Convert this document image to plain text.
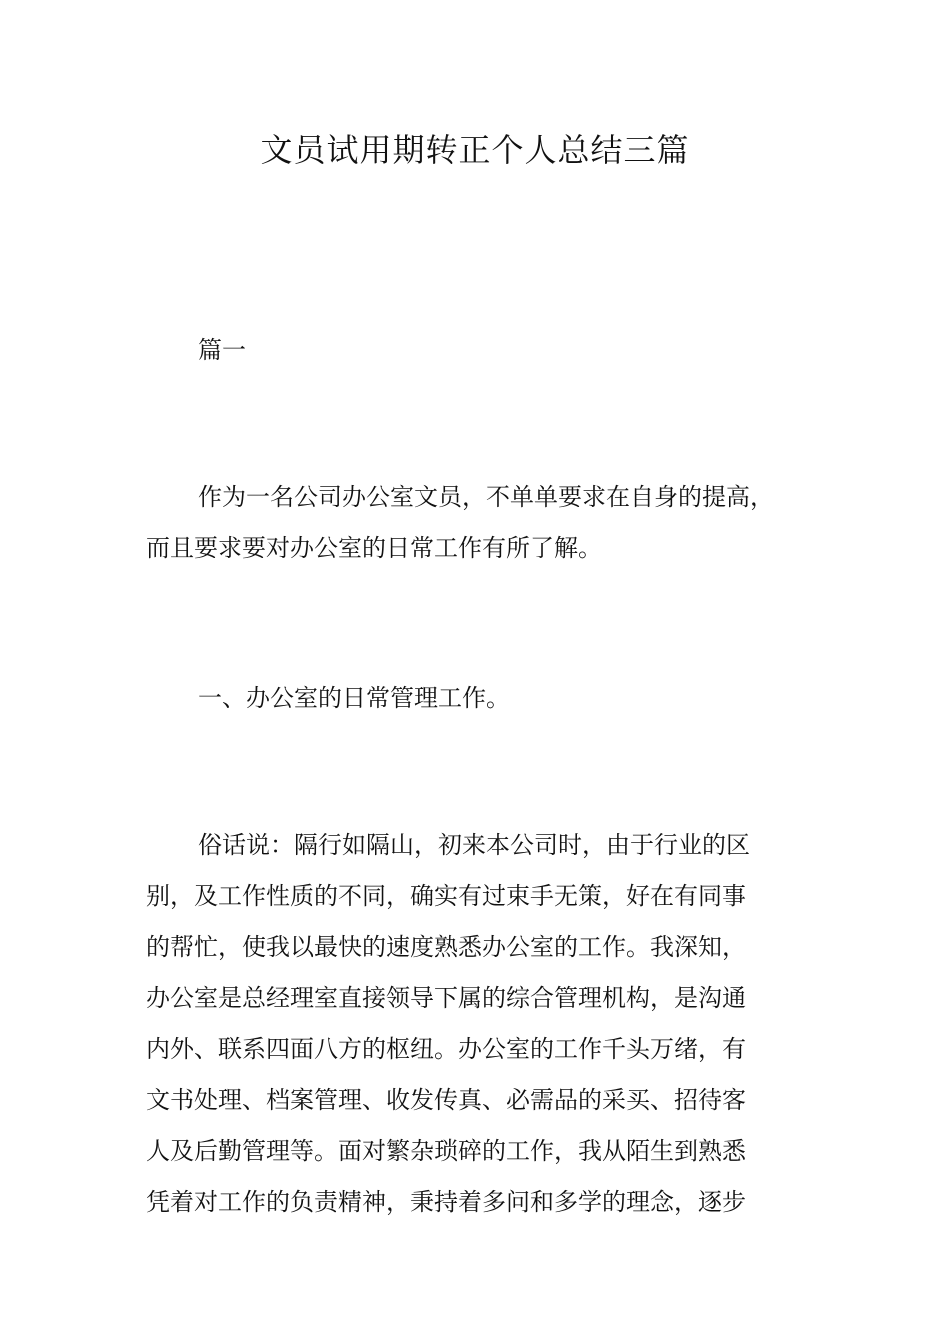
文员试用期转正个人总结三篇

篇一

作为一名公司办公室文员，不单单要求在自身的提高，
而且要求要对办公室的日常工作有所了解。

一、办公室的日常管理工作。

俗话说：隔行如隔山，初来本公司时，由于行业的区
别，及工作性质的不同，确实有过束手无策，好在有同事
的帮忙，使我以最快的速度熟悉办公室的工作。我深知，
办公室是总经理室直接领导下属的综合管理机构，是沟通
内外、联系四面八方的枢纽。办公室的工作千头万绪，有
文书处理、档案管理、收发传真、必需品的采买、招待客
人及后勤管理等。面对繁杂琐碎的工作，我从陌生到熟悉
凭着对工作的负责精神，秉持着多问和多学的理念，逐步
